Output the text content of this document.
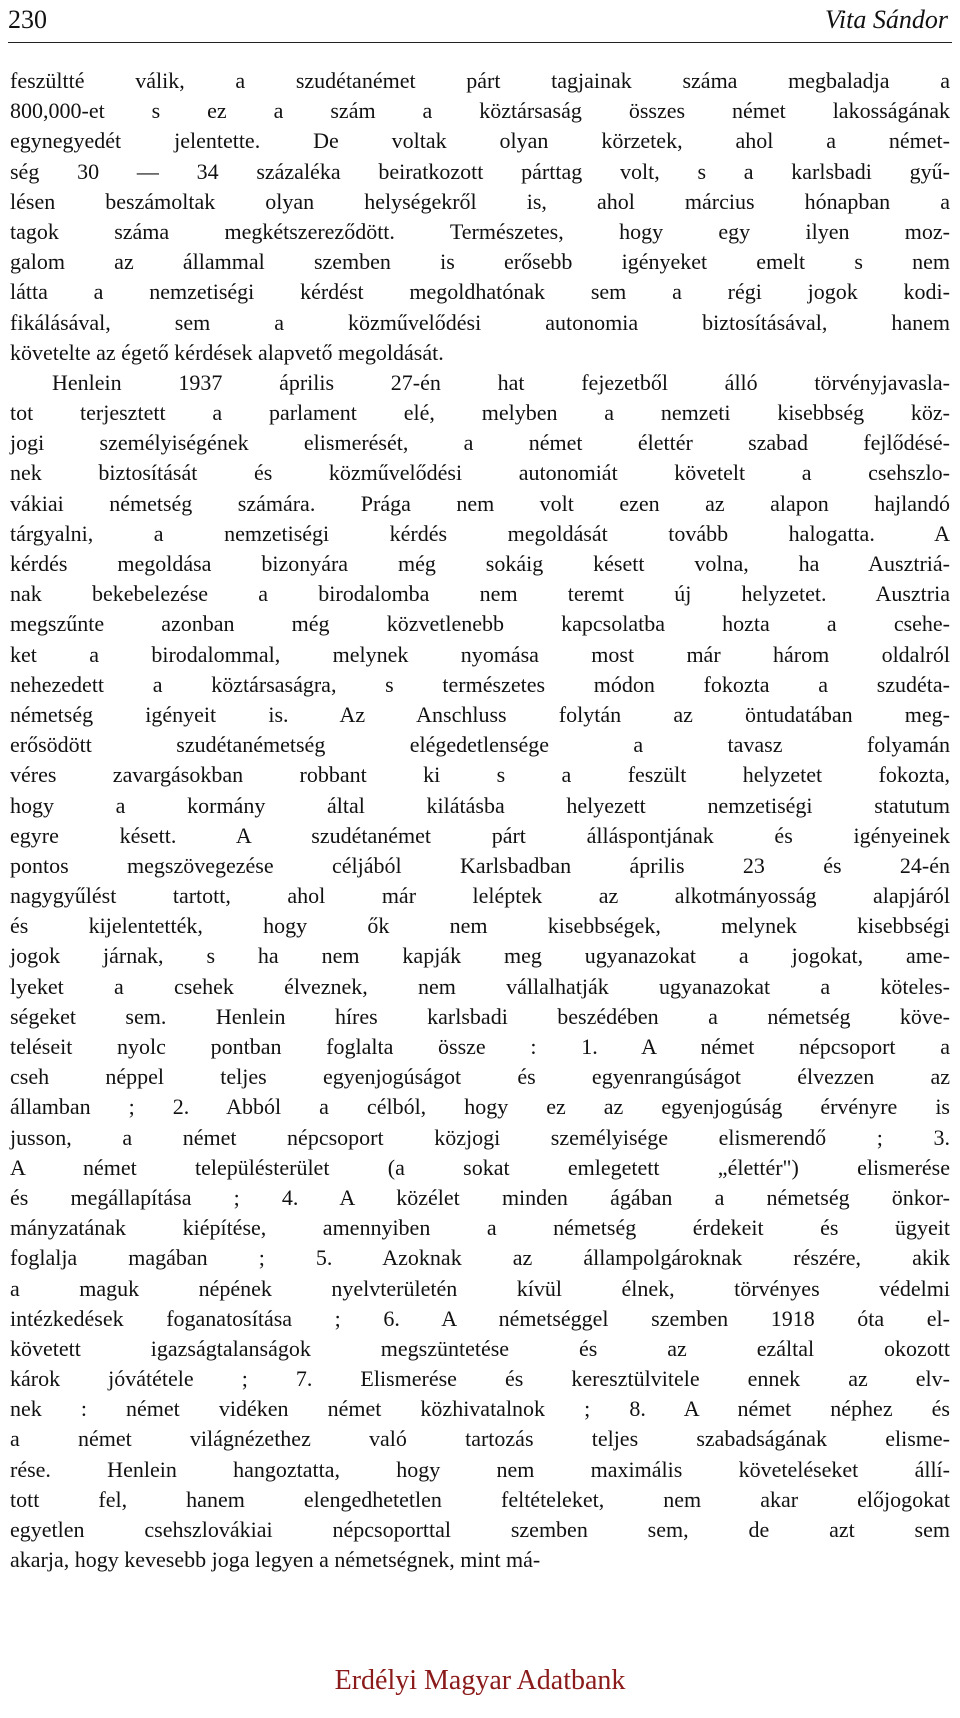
230	Vita Sándor
feszültté válik, a szudétanémet párt tagjainak száma megbaladja a
800,000-et s ez a szám a köztársaság összes német lakosságának
egynegyedét jelentette. De voltak olyan körzetek, ahol a német-
ség 30 — 34 százaléka beiratkozott párttag volt, s a karlsbadi gyű-
lésen beszámoltak olyan helységekről is, ahol március hónapban a
tagok száma megkétszereződött. Természetes, hogy egy ilyen moz-
galom az állammal szemben is erősebb igényeket emelt s nem
látta a nemzetiségi kérdést megoldhatónak sem a régi jogok kodi-
fikálásával, sem a közművelődési autonomia biztosításával, hanem
követelte az égető kérdések alapvető megoldását.
Henlein 1937 április 27-én hat fejezetből álló törvényjavasla-
tot terjesztett a parlament elé, melyben a nemzeti kisebbség köz-
jogi személyiségének elismerését, a német élettér szabad fejlődésé-
nek biztosítását és közművelődési autonomiát követelt a csehszlo-
vákiai németség számára. Prága nem volt ezen az alapon hajlandó
tárgyalni, a nemzetiségi kérdés megoldását tovább halogatta. A
kérdés megoldása bizonyára még sokáig késett volna, ha Ausztriá-
nak bekebelezése a birodalomba nem teremt új helyzetet. Ausztria
megszűnte azonban még közvetlenebb kapcsolatba hozta a csehe-
ket a birodalommal, melynek nyomása most már három oldalról
nehezedett a köztársaságra, s természetes módon fokozta a szudéta-
németség igényeit is. Az Anschluss folytán az öntudatában meg-
erősödött szudétanémetség elégedetlensége a tavasz folyamán
véres zavargásokban robbant ki s a feszült helyzetet fokozta,
hogy a kormány által kilátásba helyezett nemzetiségi statutum
egyre késett. A szudétanémet párt álláspontjának és igényeinek
pontos megszövegezése céljából Karlsbadban április 23 és 24-én
nagygyűlést tartott, ahol már leléptek az alkotmányosság alapjáról
és kijelentették, hogy ők nem kisebbségek, melynek kisebbségi
jogok járnak, s ha nem kapják meg ugyanazokat a jogokat, ame-
lyeket a csehek élveznek, nem vállalhatják ugyanazokat a köteles-
ségeket sem. Henlein híres karlsbadi beszédében a németség köve-
teléseit nyolc pontban foglalta össze : 1. A német népcsoport a
cseh néppel teljes egyenjogúságot és egyenrangúságot élvezzen az
államban ; 2. Abból a célból, hogy ez az egyenjogúság érvényre is
jusson, a német népcsoport közjogi személyisége elismerendő ; 3.
A német településterület (a sokat emlegetett „élettér") elismerése
és megállapítása ; 4. A közélet minden ágában a németség önkor-
mányzatának kiépítése, amennyiben a németség érdekeit és ügyeit
foglalja magában ; 5. Azoknak az állampolgároknak részére, akik
a maguk népének nyelvterületén kívül élnek, törvényes védelmi
intézkedések foganatosítása ; 6. A németséggel szemben 1918 óta el-
követett igazságtalanságok megszüntetése és az ezáltal okozott
károk jóvátétele ; 7. Elismerése és keresztülvitele ennek az elv-
nek : német vidéken német közhivatalnok ; 8. A német néphez és
a német világnézethez való tartozás teljes szabadságának elisme-
rése. Henlein hangoztatta, hogy nem maximális követeléseket állí-
tott fel, hanem elengedhetetlen feltételeket, nem akar előjogokat
egyetlen csehszlovákiai népcsoporttal szemben sem, de azt sem
akarja, hogy kevesebb joga legyen a németségnek, mint má-
Erdélyi Magyar Adatbank
